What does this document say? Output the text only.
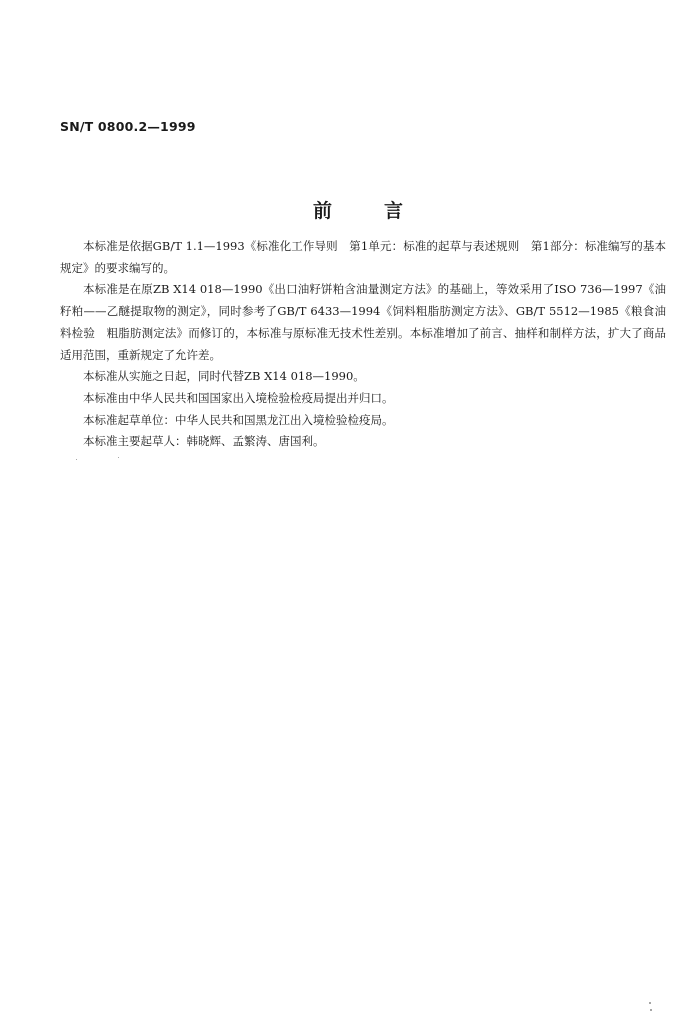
SN/T 0800.2—1999
前言

本标准是依据GB/T 1.1—1993《标准化工作导则　第1单元：标准的起草与表述规则　第1部分：标准编写的基本规定》的要求编写的。

本标准是在原ZB X14 018—1990《出口油籽饼粕含油量测定方法》的基础上，等效采用了ISO 736—1997《油籽粕——乙醚提取物的测定》，同时参考了GB/T 6433—1994《饲料粗脂肪测定方法》、GB/T 5512—1985《粮食油料检验　粗脂肪测定法》而修订的，本标准与原标准无技术性差别。本标准增加了前言、抽样和制样方法，扩大了商品适用范围，重新规定了允许差。

本标准从实施之日起，同时代替ZB X14 018—1990。

本标准由中华人民共和国国家出入境检验检疫局提出并归口。

本标准起草单位：中华人民共和国黑龙江出入境检验检疫局。

本标准主要起草人：韩晓辉、孟繁涛、唐国利。
